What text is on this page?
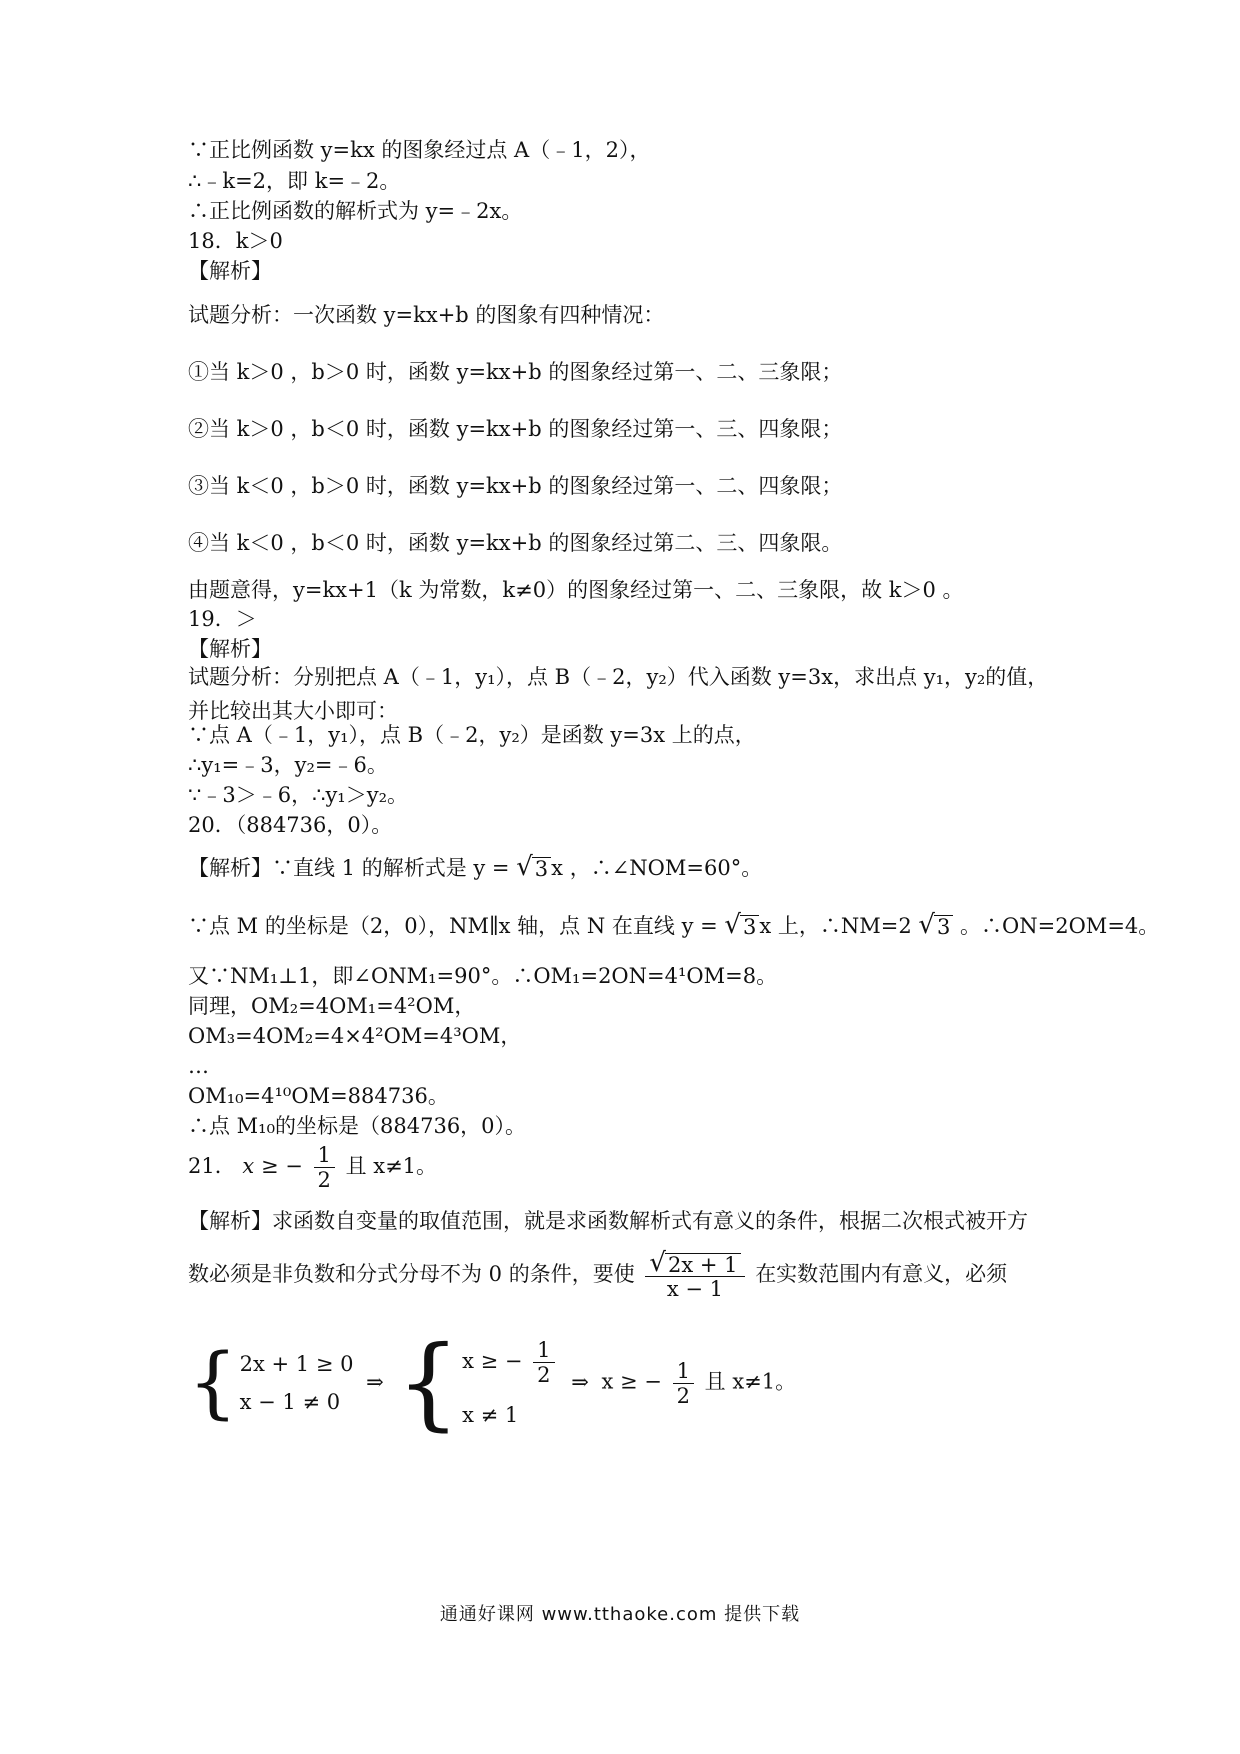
∵正比例函数 y=kx 的图象经过点 A（﹣1，2），
∴﹣k=2，即 k=﹣2。
∴正比例函数的解析式为 y=﹣2x。
18．k＞0
【解析】
试题分析：一次函数 y=kx+b 的图象有四种情况：
①当 k＞0 ，b＞0 时，函数 y=kx+b 的图象经过第一、二、三象限；
②当 k＞0 ，b＜0 时，函数 y=kx+b 的图象经过第一、三、四象限；
③当 k＜0 ，b＞0 时，函数 y=kx+b 的图象经过第一、二、四象限；
④当 k＜0 ，b＜0 时，函数 y=kx+b 的图象经过第二、三、四象限。
由题意得，y=kx+1（k 为常数，k≠0）的图象经过第一、二、三象限，故 k＞0 。
19．＞
【解析】
试题分析：分别把点 A（﹣1，y₁），点 B（﹣2，y₂）代入函数 y=3x，求出点 y₁，y₂的值，并比较出其大小即可：
∵点 A（﹣1，y₁），点 B（﹣2，y₂）是函数 y=3x 上的点，
∴y₁=﹣3，y₂=﹣6。
∵﹣3＞﹣6，∴y₁＞y₂。
20．（884736，0）。
【解析】∵直线 1 的解析式是 y = √ 3 x ，∴∠NOM=60°。
∵点 M 的坐标是（2，0），NM∥x 轴，点 N 在直线 y = √ 3 x 上，∴NM=2 √ 3 。∴ON=2OM=4。
又∵NM₁⊥1，即∠ONM₁=90°。∴OM₁=2ON=4¹OM=8。
同理，OM₂=4OM₁=4²OM，
OM₃=4OM₂=4×4²OM=4³OM，
…
OM₁₀=4¹⁰OM=884736。
∴点 M₁₀的坐标是（884736，0）。
21． x ≥ − $\frac{1}{2}$ 且 x≠1。
【解析】求函数自变量的取值范围，就是求函数解析式有意义的条件，根据二次根式被开方
数必须是非负数和分式分母不为 0 的条件，要使 $\frac{√ 2x + 1}{x - 1}$ 在实数范围内有意义，必须
{ 2x + 1 ≥ 0
x − 1 ≠ 0
⇒ { x ≥ − $\frac{1}{2}$
x ≠ 1
⇒ x ≥ − $\frac{1}{2}$ 且 x≠1。
通通好课网 www.tthaoke.com 提供下载
